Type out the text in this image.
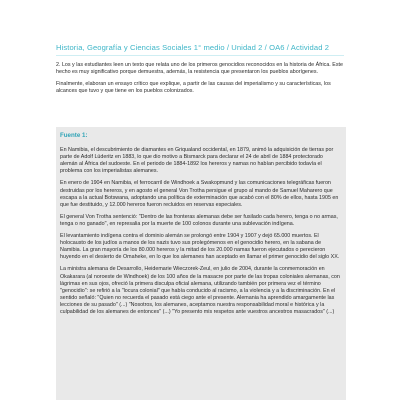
Historia, Geografía y Ciencias Sociales 1° medio / Unidad 2 / OA6 / Actividad 2

2. Los y las estudiantes leen un texto que relata uno de los primeros genocidios reconocidos en la historia de África. Este hecho es muy significativo porque demuestra, además, la resistencia que presentaron los pueblos aborígenes.

Finalmente, elaboran un ensayo crítico que explique, a partir de las causas del imperialismo y su características, los alcances que tuvo y que tiene en los pueblos colonizados.

Fuente 1:

En Namibia, el descubrimiento de diamantes en Griqualand occidental, en 1879, animó la adquisición de tierras por parte de Adolf Lüderitz en 1883, lo que dio motivo a Bismarck para declarar el 24 de abril de 1884 protectorado alemán al África del sudoeste. En el periodo de 1884-1892 los hereros y namas no habían percibido todavía el problema con los imperialistas alemanes.

En enero de 1904 en Namibia, el ferrocarril de Windhoek a Swakopmund y las comunicaciones telegráficas fueron destruidas por los hereros, y en agosto el general Von Trotha persigue el grupo al mando de Samuel Maharero que escapa a la actual Botswana, adoptando una política de exterminación que acabó con el 80% de ellos, hasta 1905 en que fue destituido, y 12.000 hereros fueron recluidos en reservas especiales.

El general Von Trotha sentenció: "Dentro de las fronteras alemanas debe ser fusilado cada herero, tenga o no armas, tenga o no ganado", en represalia por la muerte de 100 colonos durante una sublevación indígena.

El levantamiento indígena contra el dominio alemán se prolongó entre 1904 y 1907 y dejó 65.000 muertos. El holocausto de los judíos a manos de los nazis tuvo sus prolegómenos en el genocidio herero, en la sabana de Namibia. La gran mayoría de los 80.000 hereros y la mitad de los 20.000 namas fueron ejecutados o perecieron huyendo en el desierto de Omaheke, en lo que los alemanes han aceptado en llamar el primer genocidio del siglo XX.

La ministra alemana de Desarrollo, Heidemarie Wieczorek-Zeul, en julio de 2004, durante la conmemoración en Okakarara (al noroeste de Windhoek) de los 100 años de la masacre por parte de las tropas coloniales alemanas, con lágrimas en sus ojos, ofreció la primera disculpa oficial alemana, utilizando también por primera vez el término "genocidio": se refirió a la "locura colonial" que había conducido al racismo, a la violencia y a la discriminación. En el sentido señaló: "Quien no recuerda el pasado está ciego ante el presente. Alemania ha aprendido amargamente las lecciones de su pasado" (...) "Nosotros, los alemanes, aceptamos nuestra responsabilidad moral e histórica y la culpabilidad de los alemanes de entonces" (...) "Yo presento mis respetos ante vuestros ancestros masacrados" (...)
